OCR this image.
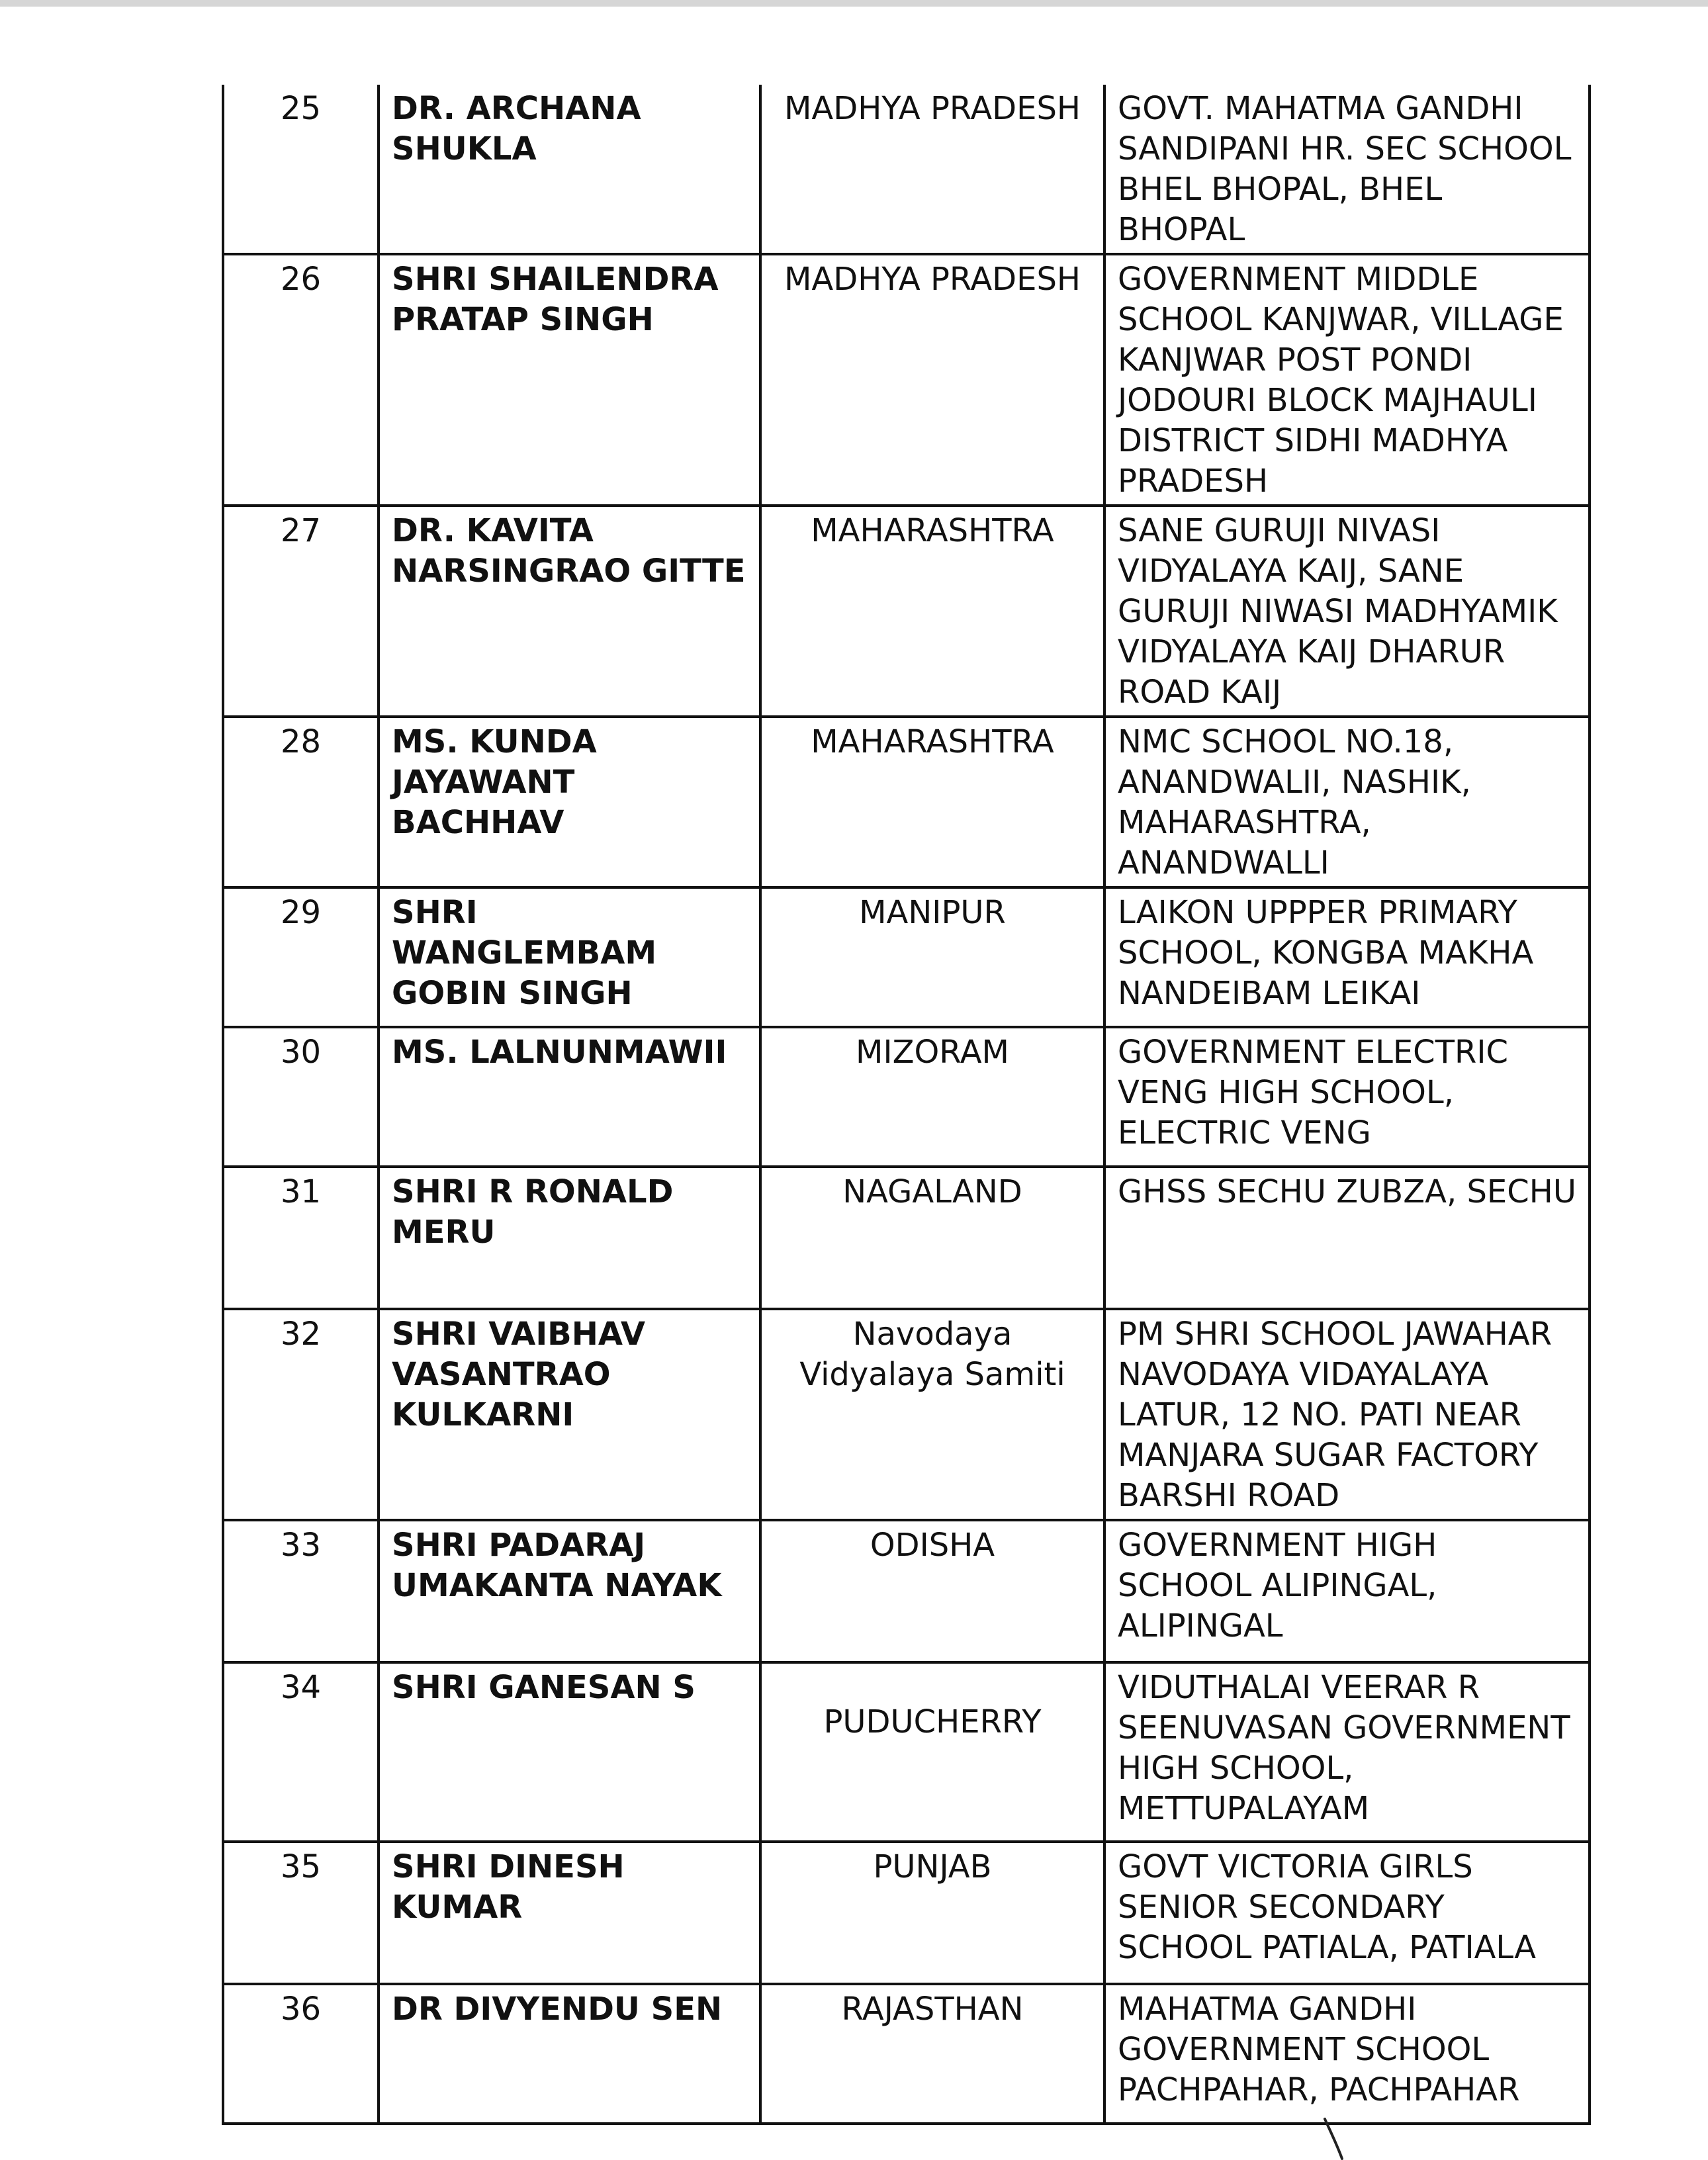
25	DR. ARCHANA SHUKLA	MADHYA PRADESH	GOVT. MAHATMA GANDHI SANDIPANI HR. SEC SCHOOL BHEL BHOPAL, BHEL BHOPAL
26	SHRI SHAILENDRA PRATAP SINGH	MADHYA PRADESH	GOVERNMENT MIDDLE SCHOOL KANJWAR, VILLAGE KANJWAR POST PONDI JODOURI BLOCK MAJHAULI DISTRICT SIDHI MADHYA PRADESH
27	DR. KAVITA NARSINGRAO GITTE	MAHARASHTRA	SANE GURUJI NIVASI VIDYALAYA KAIJ, SANE GURUJI NIWASI MADHYAMIK VIDYALAYA KAIJ DHARUR ROAD KAIJ
28	MS. KUNDA JAYAWANT BACHHAV	MAHARASHTRA	NMC SCHOOL NO.18, ANANDWALII, NASHIK, MAHARASHTRA, ANANDWALLI
29	SHRI WANGLEMBAM GOBIN SINGH	MANIPUR	LAIKON UPPPER PRIMARY SCHOOL, KONGBA MAKHA NANDEIBAM LEIKAI
30	MS. LALNUNMAWII	MIZORAM	GOVERNMENT ELECTRIC VENG HIGH SCHOOL, ELECTRIC VENG
31	SHRI R RONALD MERU	NAGALAND	GHSS SECHU ZUBZA, SECHU
32	SHRI VAIBHAV VASANTRAO KULKARNI	Navodaya Vidyalaya Samiti	PM SHRI SCHOOL JAWAHAR NAVODAYA VIDAYALAYA LATUR, 12 NO. PATI NEAR MANJARA SUGAR FACTORY BARSHI ROAD
33	SHRI PADARAJ UMAKANTA NAYAK	ODISHA	GOVERNMENT HIGH SCHOOL ALIPINGAL, ALIPINGAL
34	SHRI GANESAN S	PUDUCHERRY	VIDUTHALAI VEERAR R SEENUVASAN GOVERNMENT HIGH SCHOOL, METTUPALAYAM
35	SHRI DINESH KUMAR	PUNJAB	GOVT VICTORIA GIRLS SENIOR SECONDARY SCHOOL PATIALA, PATIALA
36	DR DIVYENDU SEN	RAJASTHAN	MAHATMA GANDHI GOVERNMENT SCHOOL PACHPAHAR, PACHPAHAR
